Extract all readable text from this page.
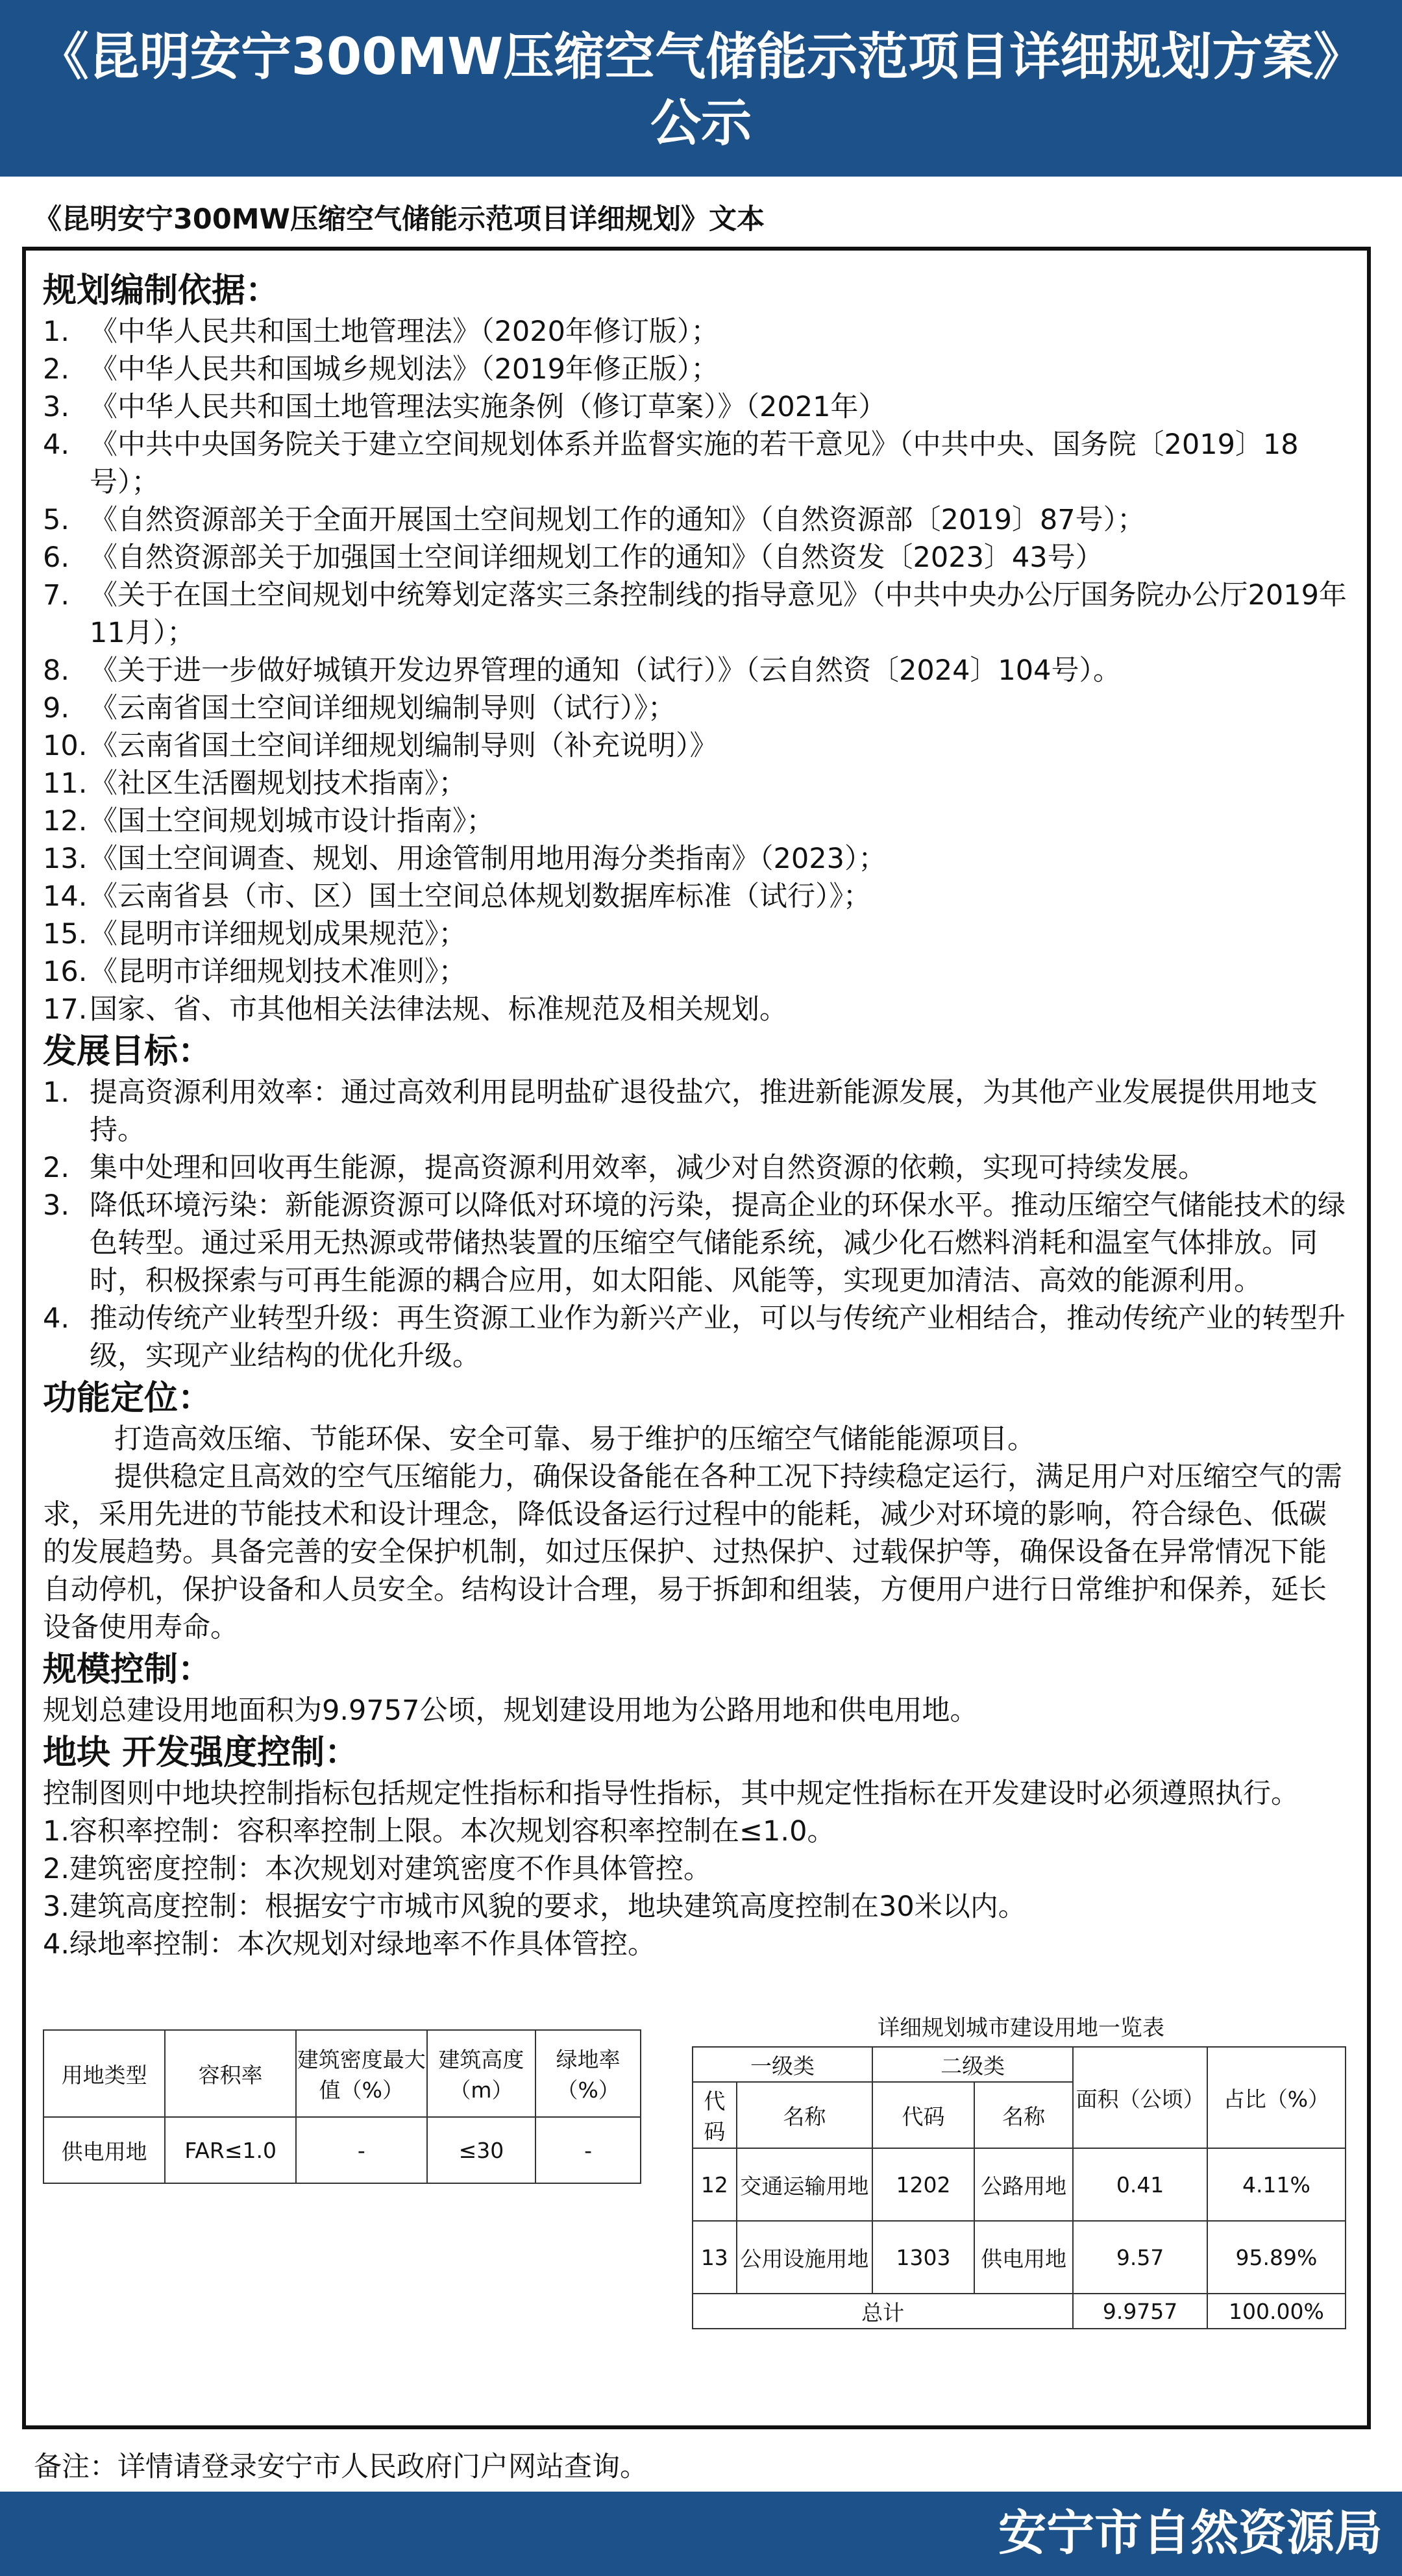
《昆明安宁300MW压缩空气储能示范项目详细规划方案》
公示
《昆明安宁300MW压缩空气储能示范项目详细规划》文本
规划编制依据：
1. 《中华人民共和国土地管理法》（2020年修订版）；
2. 《中华人民共和国城乡规划法》（2019年修正版）；
3. 《中华人民共和国土地管理法实施条例（修订草案）》（2021年）
4. 《中共中央国务院关于建立空间规划体系并监督实施的若干意见》（中共中央、国务院〔2019〕18号）；
5. 《自然资源部关于全面开展国土空间规划工作的通知》（自然资源部〔2019〕87号）；
6. 《自然资源部关于加强国土空间详细规划工作的通知》（自然资发〔2023〕43号）
7. 《关于在国土空间规划中统筹划定落实三条控制线的指导意见》（中共中央办公厅国务院办公厅2019年11月）；
8. 《关于进一步做好城镇开发边界管理的通知（试行）》（云自然资〔2024〕104号）。
9. 《云南省国土空间详细规划编制导则（试行）》；
10. 《云南省国土空间详细规划编制导则（补充说明）》
11. 《社区生活圈规划技术指南》；
12. 《国土空间规划城市设计指南》；
13. 《国土空间调查、规划、用途管制用地用海分类指南》（2023）；
14. 《云南省县（市、区）国土空间总体规划数据库标准（试行）》；
15. 《昆明市详细规划成果规范》；
16. 《昆明市详细规划技术准则》；
17. 国家、省、市其他相关法律法规、标准规范及相关规划。
发展目标：
1. 提高资源利用效率：通过高效利用昆明盐矿退役盐穴，推进新能源发展，为其他产业发展提供用地支持。
2. 集中处理和回收再生能源，提高资源利用效率，减少对自然资源的依赖，实现可持续发展。
3. 降低环境污染：新能源资源可以降低对环境的污染，提高企业的环保水平。推动压缩空气储能技术的绿色转型。通过采用无热源或带储热装置的压缩空气储能系统，减少化石燃料消耗和温室气体排放。同时，积极探索与可再生能源的耦合应用，如太阳能、风能等，实现更加清洁、高效的能源利用。
4. 推动传统产业转型升级：再生资源工业作为新兴产业，可以与传统产业相结合，推动传统产业的转型升级，实现产业结构的优化升级。
功能定位：
打造高效压缩、节能环保、安全可靠、易于维护的压缩空气储能能源项目。
提供稳定且高效的空气压缩能力，确保设备能在各种工况下持续稳定运行，满足用户对压缩空气的需求，采用先进的节能技术和设计理念，降低设备运行过程中的能耗，减少对环境的影响，符合绿色、低碳的发展趋势。具备完善的安全保护机制，如过压保护、过热保护、过载保护等，确保设备在异常情况下能自动停机，保护设备和人员安全。结构设计合理，易于拆卸和组装，方便用户进行日常维护和保养，延长设备使用寿命。
规模控制：
规划总建设用地面积为9.9757公顷，规划建设用地为公路用地和供电用地。
地块 开发强度控制：
控制图则中地块控制指标包括规定性指标和指导性指标，其中规定性指标在开发建设时必须遵照执行。
1.容积率控制：容积率控制上限。本次规划容积率控制在≤1.0。
2.建筑密度控制：本次规划对建筑密度不作具体管控。
3.建筑高度控制：根据安宁市城市风貌的要求，地块建筑高度控制在30米以内。
4.绿地率控制：本次规划对绿地率不作具体管控。
用地类型	容积率	建筑密度最大值（%）	建筑高度（m）	绿地率（%）
供电用地	FAR≤1.0	-	≤30	-
详细规划城市建设用地一览表
一级类		二级类		面积（公顷）	占比（%）
代码	名称	代码	名称		
12	交通运输用地	1202	公路用地	0.41	4.11%
13	公用设施用地	1303	供电用地	9.57	95.89%
总计				9.9757	100.00%
备注：详情请登录安宁市人民政府门户网站查询。
安宁市自然资源局
